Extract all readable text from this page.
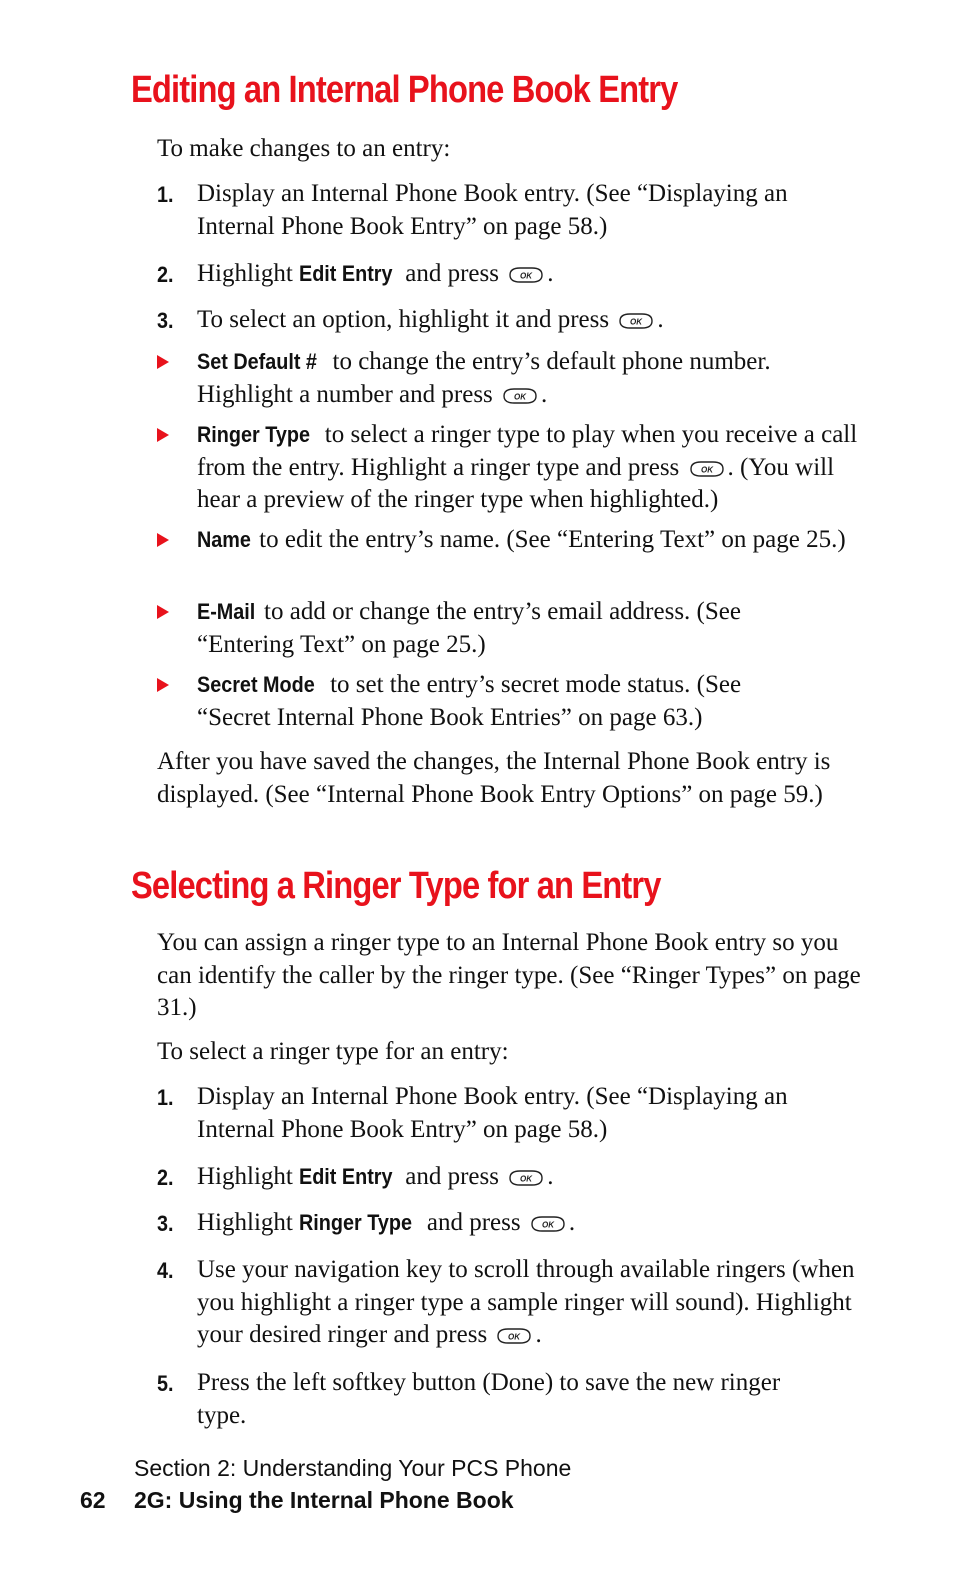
Editing an Internal Phone Book Entry

To make changes to an entry:

1. Display an Internal Phone Book entry. (See “Displaying an Internal Phone Book Entry” on page 58.)
2. Highlight Edit Entry and press	OK .
3. To select an option, highlight it and press	OK .
Set Default # to change the entry’s default phone number. Highlight a number and press	OK .
Ringer Type to select a ringer type to play when you receive a call from the entry. Highlight a ringer type and press	OK . (You will hear a preview of the ringer type when highlighted.)
Name to edit the entry’s name. (See “Entering Text” on page 25.)
E-Mail to add or change the entry’s email address. (See “Entering Text” on page 25.)
Secret Mode to set the entry’s secret mode status. (See “Secret Internal Phone Book Entries” on page 63.)

After you have saved the changes, the Internal Phone Book entry is displayed. (See “Internal Phone Book Entry Options” on page 59.)

Selecting a Ringer Type for an Entry

You can assign a ringer type to an Internal Phone Book entry so you can identify the caller by the ringer type. (See “Ringer Types” on page 31.)

To select a ringer type for an entry:

1. Display an Internal Phone Book entry. (See “Displaying an Internal Phone Book Entry” on page 58.)
2. Highlight Edit Entry and press	OK .
3. Highlight Ringer Type and press	OK .
4. Use your navigation key to scroll through available ringers (when you highlight a ringer type a sample ringer will sound). Highlight your desired ringer and press	OK .
5. Press the left softkey button (Done) to save the new ringer type.
Section 2: Understanding Your PCS Phone
62 2G: Using the Internal Phone Book
